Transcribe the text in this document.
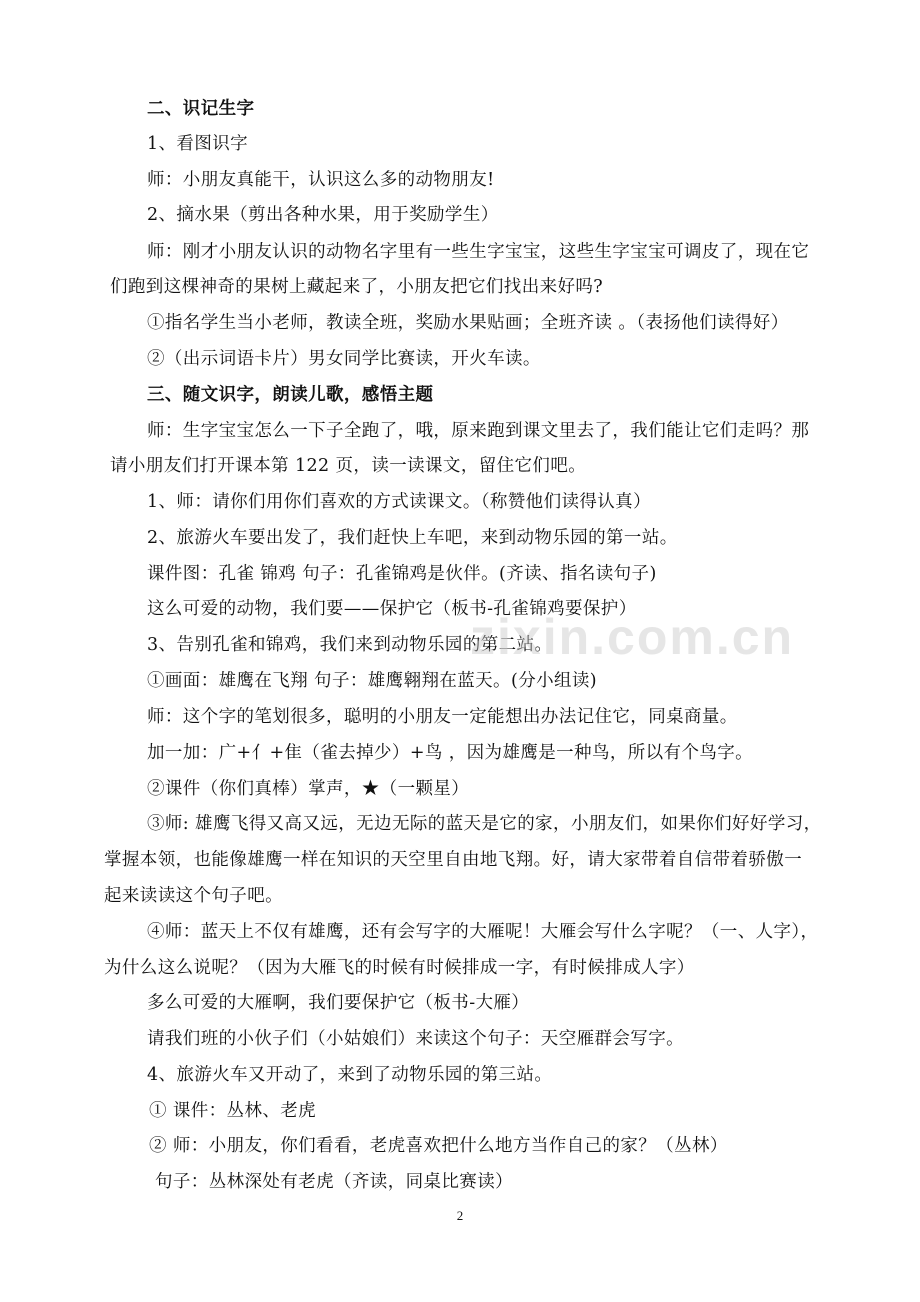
二、识记生字
1、看图识字
师：小朋友真能干，认识这么多的动物朋友!
2、摘水果（剪出各种水果，用于奖励学生）
师：刚才小朋友认识的动物名字里有一些生字宝宝，这些生字宝宝可调皮了，现在它
们跑到这棵神奇的果树上藏起来了，小朋友把它们找出来好吗?
①指名学生当小老师，教读全班，奖励水果贴画；全班齐读 。（表扬他们读得好）
②（出示词语卡片）男女同学比赛读，开火车读。
三、随文识字，朗读儿歌，感悟主题
师：生字宝宝怎么一下子全跑了，哦，原来跑到课文里去了，我们能让它们走吗？那
请小朋友们打开课本第 122 页，读一读课文，留住它们吧。
1、师：请你们用你们喜欢的方式读课文。（称赞他们读得认真）
2、旅游火车要出发了，我们赶快上车吧，来到动物乐园的第一站。
课件图：孔雀 锦鸡 句子：孔雀锦鸡是伙伴。(齐读、指名读句子)
这么可爱的动物，我们要——保护它（板书-孔雀锦鸡要保护）
3、告别孔雀和锦鸡，我们来到动物乐园的第二站。
①画面：雄鹰在飞翔 句子：雄鹰翱翔在蓝天。(分小组读)
师：这个字的笔划很多，聪明的小朋友一定能想出办法记住它，同桌商量。
加一加：广+亻+隹（雀去掉少）+鸟 ，因为雄鹰是一种鸟，所以有个鸟字。
②课件（你们真棒）掌声，★（一颗星）
③师: 雄鹰飞得又高又远，无边无际的蓝天是它的家，小朋友们，如果你们好好学习，
掌握本领，也能像雄鹰一样在知识的天空里自由地飞翔。好，请大家带着自信带着骄傲一
起来读读这个句子吧。
④师：蓝天上不仅有雄鹰，还有会写字的大雁呢！大雁会写什么字呢？（一、人字），
为什么这么说呢？（因为大雁飞的时候有时候排成一字，有时候排成人字）
多么可爱的大雁啊，我们要保护它（板书-大雁）
请我们班的小伙子们（小姑娘们）来读这个句子：天空雁群会写字。
4、旅游火车又开动了，来到了动物乐园的第三站。
① 课件：丛林、老虎
② 师：小朋友，你们看看，老虎喜欢把什么地方当作自己的家？（丛林）
句子：丛林深处有老虎（齐读，同桌比赛读）
zixin.com.cn
2
